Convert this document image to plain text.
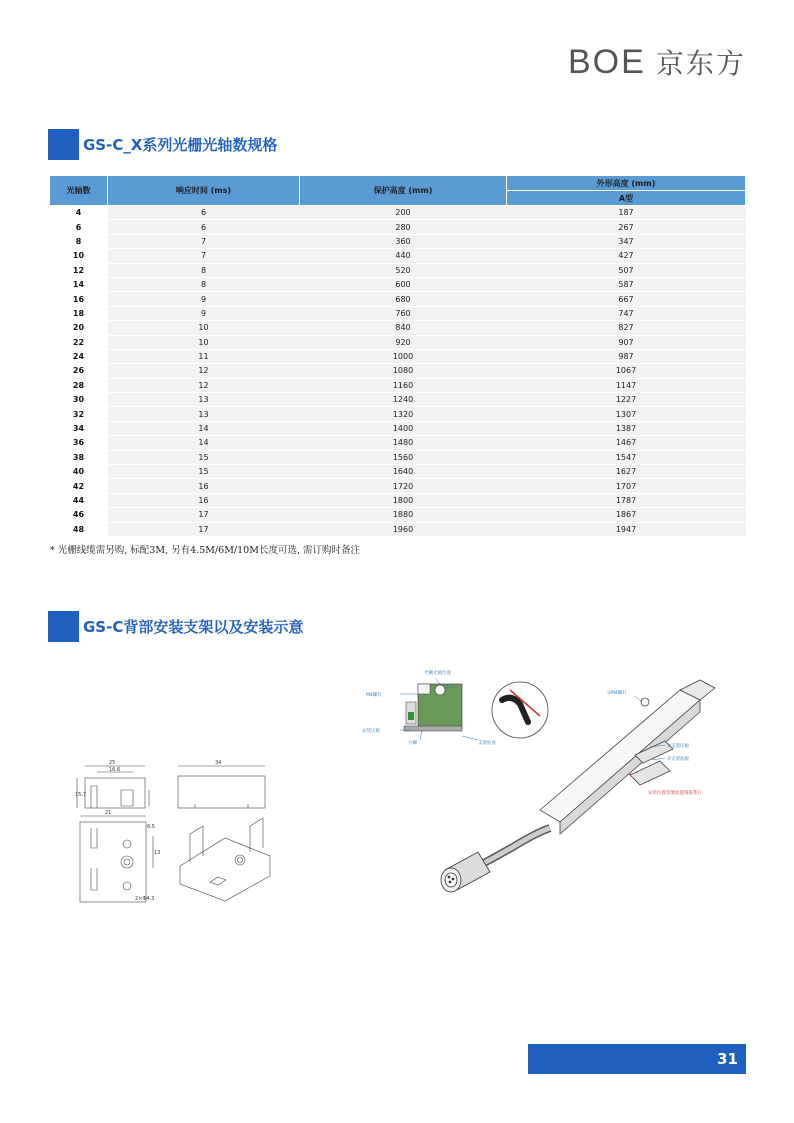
BOE 京东方
GS-C_X系列光栅光轴数规格
光轴数	响应时间 (ms)	保护高度 (mm)	外形高度 (mm)
			A型
4	6	200	187
6	6	280	267
8	7	360	347
10	7	440	427
12	8	520	507
14	8	600	587
16	9	680	667
18	9	760	747
20	10	840	827
22	10	920	907
24	11	1000	987
26	12	1080	1067
28	12	1160	1147
30	13	1240	1227
32	13	1320	1307
34	14	1400	1387
36	14	1480	1467
38	15	1560	1547
40	15	1640	1627
42	16	1720	1707
44	16	1800	1787
46	17	1880	1867
48	17	1960	1947
* 光栅线缆需另购, 标配3M, 另有4.5M/6M/10M长度可选, 需订购时备注
GS-C背部安装支架以及安装示意
25
16.6
15.7
34
21
6.5
13
2×Φ4.3
光栅光轴位置
M4螺钉
5.3
安装压板
方螺	支架底座
①M4螺钉
②支架压板
③支架底板
安装位置需要放置圆胶垫片
31
